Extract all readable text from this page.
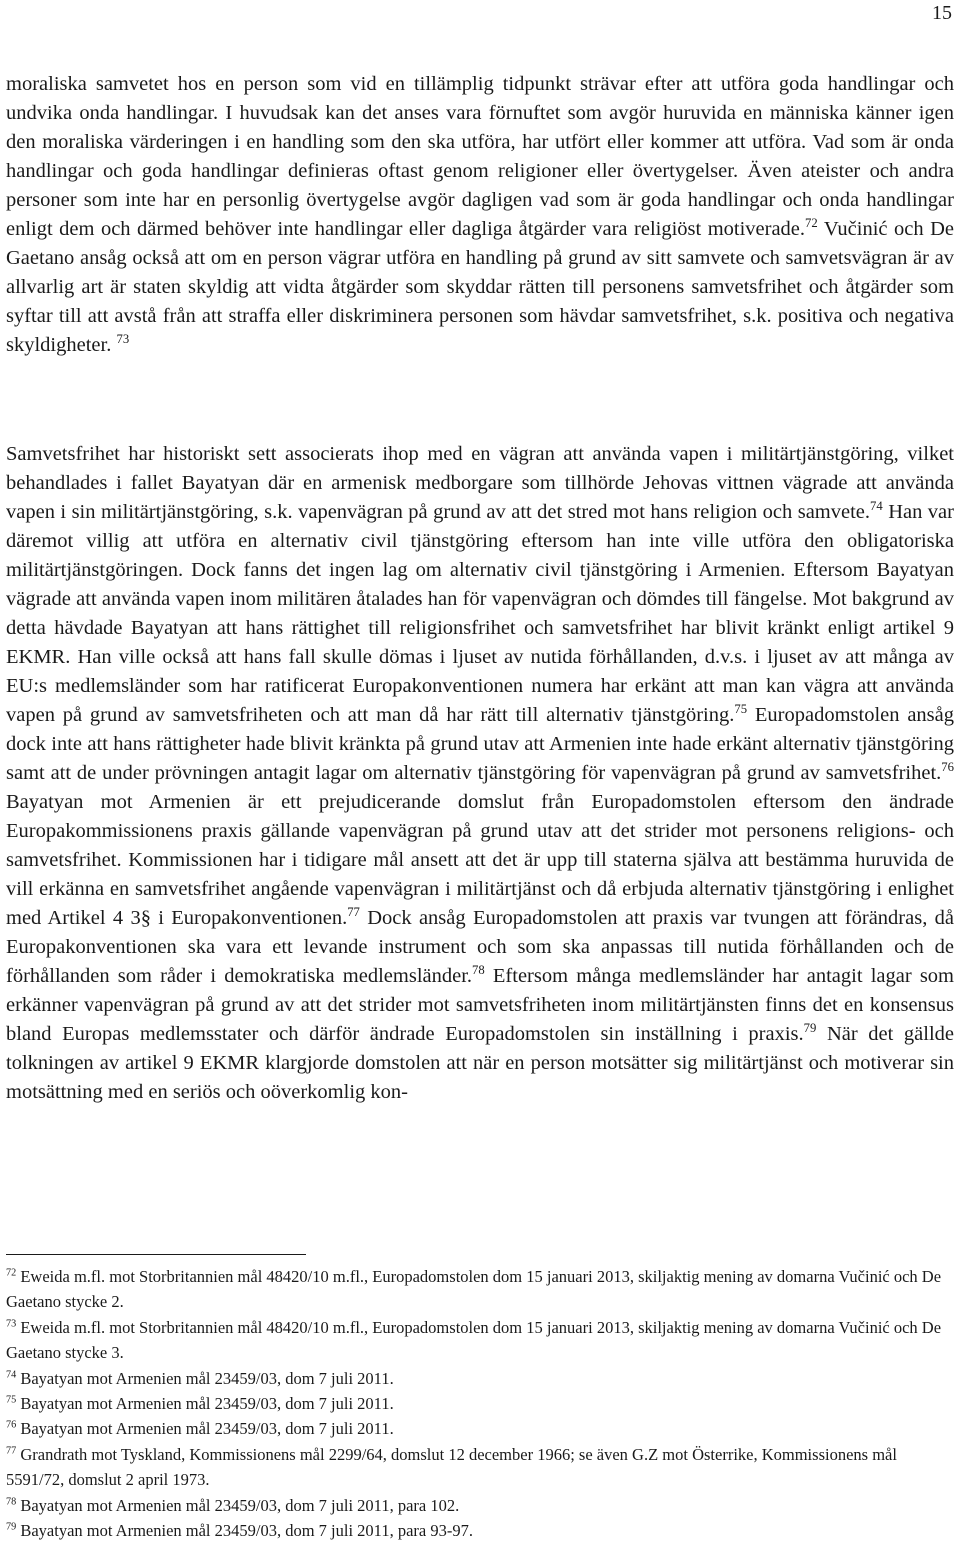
15

moraliska samvetet hos en person som vid en tillämplig tidpunkt strävar efter att utföra goda handlingar och undvika onda handlingar. I huvudsak kan det anses vara förnuftet som avgör huruvida en människa känner igen den moraliska värderingen i en handling som den ska utföra, har utfört eller kommer att utföra. Vad som är onda handlingar och goda handlingar definieras oftast genom religioner eller övertygelser. Även ateister och andra personer som inte har en personlig övertygelse avgör dagligen vad som är goda handlingar och onda handlingar enligt dem och därmed behöver inte handlingar eller dagliga åtgärder vara religiöst motiverade.$^{72}$ Vučinić och De Gaetano ansåg också att om en person vägrar utföra en handling på grund av sitt samvete och samvetsvägran är av allvarlig art är staten skyldig att vidta åtgärder som skyddar rätten till personens samvetsfrihet och åtgärder som syftar till att avstå från att straffa eller diskriminera personen som hävdar samvetsfrihet, s.k. positiva och negativa skyldigheter. $^{73}$

Samvetsfrihet har historiskt sett associerats ihop med en vägran att använda vapen i militärtjänstgöring, vilket behandlades i fallet Bayatyan där en armenisk medborgare som tillhörde Jehovas vittnen vägrade att använda vapen i sin militärtjänstgöring, s.k. vapenvägran på grund av att det stred mot hans religion och samvete.$^{74}$ Han var däremot villig att utföra en alternativ civil tjänstgöring eftersom han inte ville utföra den obligatoriska militärtjänstgöringen. Dock fanns det ingen lag om alternativ civil tjänstgöring i Armenien. Eftersom Bayatyan vägrade att använda vapen inom militären åtalades han för vapenvägran och dömdes till fängelse. Mot bakgrund av detta hävdade Bayatyan att hans rättighet till religionsfrihet och samvetsfrihet har blivit kränkt enligt artikel 9 EKMR. Han ville också att hans fall skulle dömas i ljuset av nutida förhållanden, d.v.s. i ljuset av att många av EU:s medlemsländer som har ratificerat Europakonventionen numera har erkänt att man kan vägra att använda vapen på grund av samvetsfriheten och att man då har rätt till alternativ tjänstgöring.$^{75}$ Europadomstolen ansåg dock inte att hans rättigheter hade blivit kränkta på grund utav att Armenien inte hade erkänt alternativ tjänstgöring samt att de under prövningen antagit lagar om alternativ tjänstgöring för vapenvägran på grund av samvetsfrihet.$^{76}$ Bayatyan mot Armenien är ett prejudicerande domslut från Europadomstolen eftersom den ändrade Europakommissionens praxis gällande vapenvägran på grund utav att det strider mot personens religions- och samvetsfrihet. Kommissionen har i tidigare mål ansett att det är upp till staterna själva att bestämma huruvida de vill erkänna en samvetsfrihet angående vapenvägran i militärtjänst och då erbjuda alternativ tjänstgöring i enlighet med Artikel 4 3§ i Europakonventionen.$^{77}$ Dock ansåg Europadomstolen att praxis var tvungen att förändras, då Europakonventionen ska vara ett levande instrument och som ska anpassas till nutida förhållanden och de förhållanden som råder i demokratiska medlemsländer.$^{78}$ Eftersom många medlemsländer har antagit lagar som erkänner vapenvägran på grund av att det strider mot samvetsfriheten inom militärtjänsten finns det en konsensus bland Europas medlemsstater och därför ändrade Europadomstolen sin inställning i praxis.$^{79}$ När det gällde tolkningen av artikel 9 EKMR klargjorde domstolen att när en person motsätter sig militärtjänst och motiverar sin motsättning med en seriös och oöverkomlig kon-

$^{72}$ Eweida m.fl. mot Storbritannien mål 48420/10 m.fl., Europadomstolen dom 15 januari 2013, skiljaktig mening av domarna Vučinić och De Gaetano stycke 2.

$^{73}$ Eweida m.fl. mot Storbritannien mål 48420/10 m.fl., Europadomstolen dom 15 januari 2013, skiljaktig mening av domarna Vučinić och De Gaetano stycke 3.

$^{74}$ Bayatyan mot Armenien mål 23459/03, dom 7 juli 2011.

$^{75}$ Bayatyan mot Armenien mål 23459/03, dom 7 juli 2011.

$^{76}$ Bayatyan mot Armenien mål 23459/03, dom 7 juli 2011.

$^{77}$ Grandrath mot Tyskland, Kommissionens mål 2299/64, domslut 12 december 1966; se även G.Z mot Österrike, Kommissionens mål 5591/72, domslut 2 april 1973.

$^{78}$ Bayatyan mot Armenien mål 23459/03, dom 7 juli 2011, para 102.

$^{79}$ Bayatyan mot Armenien mål 23459/03, dom 7 juli 2011, para 93-97.
